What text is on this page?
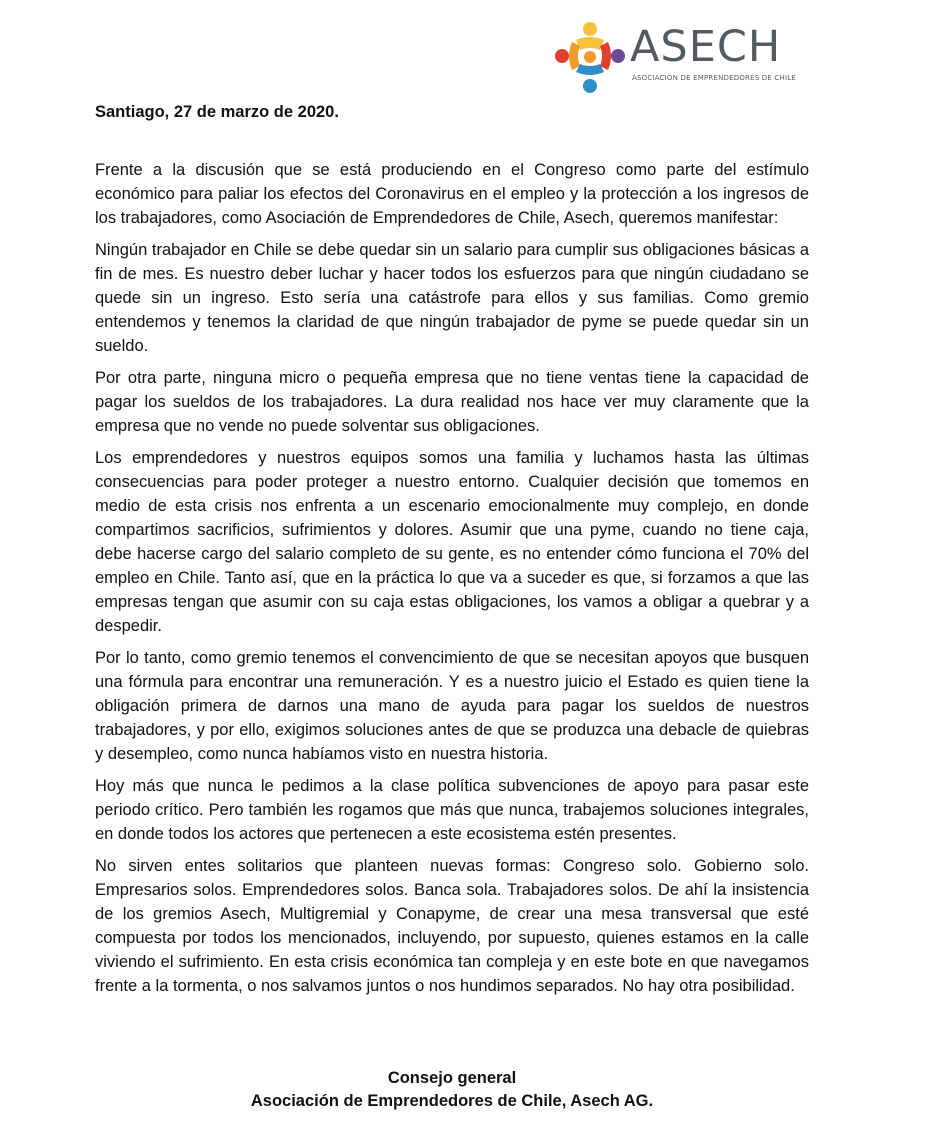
ASECH
ASOCIACIÓN DE EMPRENDEDORES DE CHILE
Santiago, 27 de marzo de 2020.

Frente a la discusión que se está produciendo en el Congreso como parte del estímulo económico para paliar los efectos del Coronavirus en el empleo y la protección a los ingresos de los trabajadores, como Asociación de Emprendedores de Chile, Asech, queremos manifestar:

Ningún trabajador en Chile se debe quedar sin un salario para cumplir sus obligaciones básicas a fin de mes. Es nuestro deber luchar y hacer todos los esfuerzos para que ningún ciudadano se quede sin un ingreso. Esto sería una catástrofe para ellos y sus familias. Como gremio entendemos y tenemos la claridad de que ningún trabajador de pyme se puede quedar sin un sueldo.

Por otra parte, ninguna micro o pequeña empresa que no tiene ventas tiene la capacidad de pagar los sueldos de los trabajadores. La dura realidad nos hace ver muy claramente que la empresa que no vende no puede solventar sus obligaciones.

Los emprendedores y nuestros equipos somos una familia y luchamos hasta las últimas consecuencias para poder proteger a nuestro entorno. Cualquier decisión que tomemos en medio de esta crisis nos enfrenta a un escenario emocionalmente muy complejo, en donde compartimos sacrificios, sufrimientos y dolores. Asumir que una pyme, cuando no tiene caja, debe hacerse cargo del salario completo de su gente, es no entender cómo funciona el 70% del empleo en Chile. Tanto así, que en la práctica lo que va a suceder es que, si forzamos a que las empresas tengan que asumir con su caja estas obligaciones, los vamos a obligar a quebrar y a despedir.

Por lo tanto, como gremio tenemos el convencimiento de que se necesitan apoyos que busquen una fórmula para encontrar una remuneración. Y es a nuestro juicio el Estado es quien tiene la obligación primera de darnos una mano de ayuda para pagar los sueldos de nuestros trabajadores, y por ello, exigimos soluciones antes de que se produzca una debacle de quiebras y desempleo, como nunca habíamos visto en nuestra historia.

Hoy más que nunca le pedimos a la clase política subvenciones de apoyo para pasar este periodo crítico. Pero también les rogamos que más que nunca, trabajemos soluciones integrales, en donde todos los actores que pertenecen a este ecosistema estén presentes.

No sirven entes solitarios que planteen nuevas formas: Congreso solo. Gobierno solo. Empresarios solos. Emprendedores solos. Banca sola. Trabajadores solos. De ahí la insistencia de los gremios Asech, Multigremial y Conapyme, de crear una mesa transversal que esté compuesta por todos los mencionados, incluyendo, por supuesto, quienes estamos en la calle viviendo el sufrimiento. En esta crisis económica tan compleja y en este bote en que navegamos frente a la tormenta, o nos salvamos juntos o nos hundimos separados. No hay otra posibilidad.

Consejo general
Asociación de Emprendedores de Chile, Asech AG.
